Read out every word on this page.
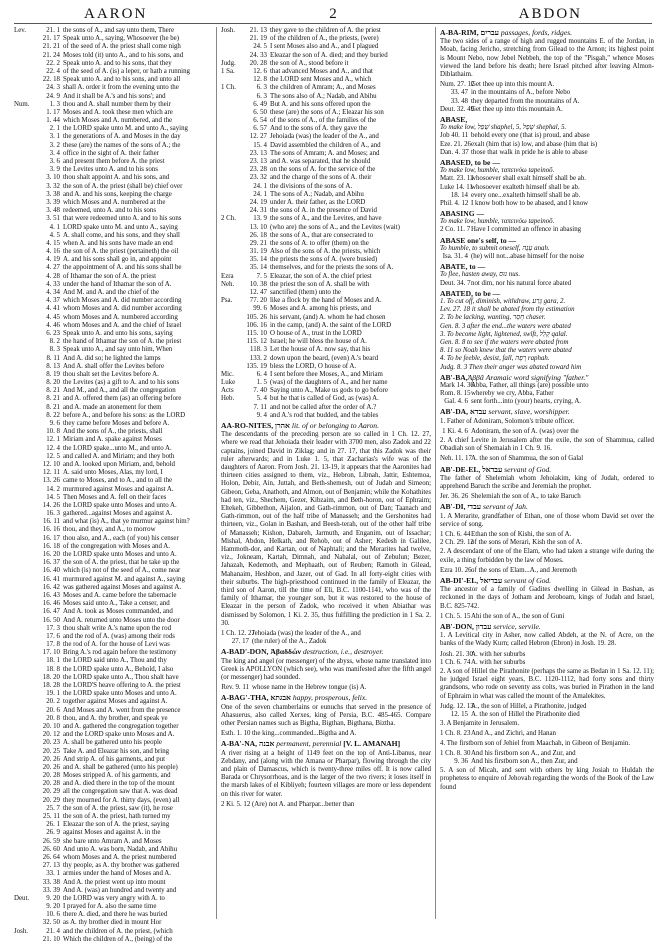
AARON	2	ABDON
Lev.	21. 1 the sons of A., and say unto them, There
21. 17 Speak unto A., saying, Whosoever (he be)
21. 21 of the seed of A. the priest shall come nigh
21. 24 Moses told (it) unto A., and to his sons, and
22. 2 Speak unto A. and to his sons, that they
22. 4 of the seed of A. (is) a leper, or hath a running
22. 18 Speak unto A. and to his sons, and unto all
24. 3 shall A. order it from the evening unto the
24. 9 And it shall be A.'s and his sons'; and
Num.	1. 3 thou and A. shall number them by their
1. 17 Moses and A. took these men which are
1. 44 which Moses and A. numbered, and the
2. 1 the LORD spake unto M. and unto A., saying
3. 1 the generations of A. and Moses in the day
3. 2 these (are) the names of the sons of A.; the
3. 4 office in the sight of A. their father
3. 6 and present them before A. the priest
3. 9 the Levites unto A. and to his sons
3. 10 thou shalt appoint A. and his sons, and
3. 32 the son of A. the priest (shall be) chief over
3. 38 and A. and his sons, keeping the charge
3. 39 which Moses and A. numbered at the
3. 48 redeemed, unto A. and to his sons
3. 51 that were redeemed unto A. and to his sons
4. 1 LORD spake unto M. and unto A., saying
4. 5 A. shall come, and his sons, and they shall
4. 15 when A. and his sons have made an end
4. 16 the son of A. the priest (pertaineth) the oil
4. 19 A. and his sons shall go in, and appoint
4. 27 the appointment of A. and his sons shall be
4. 28 of Ithamar the son of A. the priest
4. 33 under the hand of Ithamar the son of A.
4. 34 And M. and A. and the chief of the
4. 37 which Moses and A. did number according
4. 41 whom Moses and A. did number according
4. 45 whom Moses and A. numbered according
4. 46 whom Moses and A. and the chief of Israel
6. 23 Speak unto A. and unto his sons, saying
8. 2 the hand of Ithamar the son of A. the priest
8. 3 Speak unto A., and say unto him, When
8. 11 And A. did so; he lighted the lamps
8. 13 And A. shall offer the Levites before
8. 19 thou shalt set the Levites before A.
8. 20 the Levites (as) a gift to A. and to his sons
8. 21 And M., and A., and all the congregation
8. 21 and A. offered them (as) an offering before
8. 21 and A. made an atonement for them
8. 22 before A., and before his sons: as the LORD
9. 6 they came before Moses and before A.
10. 8 And the sons of A., the priests, shall
12. 1 Miriam and A. spake against Moses
12. 4 the LORD spake...unto M., and unto A.
12. 5 and called A. and Miriam; and they both
12. 10 and A. looked upon Miriam, and, behold
12. 11 A. said unto Moses, Alas, my lord, I
13. 26 came to Moses, and to A., and to all the
14. 2 murmured against Moses and against A.
14. 5 Then Moses and A. fell on their faces
14. 26 the LORD spake unto Moses and unto A.
16. 3 gathered...against Moses and against A.
16. 11 and what (is) A., that ye murmur against him?
16. 16 thou, and they, and A., to morrow
16. 17 thou also, and A., each (of you) his censer
16. 18 of the congregation with Moses and A.
16. 20 the LORD spake unto Moses and unto A.
16. 37 the son of A. the priest, that he take up the
16. 40 which (is) not of the seed of A., come near
16. 41 murmured against M. and against A., saying
16. 42 was gathered against Moses and against A.
16. 43 Moses and A. came before the tabernacle
16. 46 Moses said unto A., Take a censer, and
16. 47 And A. took as Moses commanded, and
16. 50 And A. returned unto Moses unto the door
17. 3 thou shalt write A.'s name upon the rod
17. 6 and the rod of A. (was) among their rods
17. 8 the rod of A. for the house of Levi was
17. 10 Bring A.'s rod again before the testimony
18. 1 the LORD said unto A., Thou and thy
18. 8 the LORD spake unto A., Behold, I also
18. 20 the LORD spake unto A., Thou shalt have
18. 28 the LORD'S heave offering to A. the priest
19. 1 the LORD spake unto Moses and unto A.
20. 2 together against Moses and against A.
20. 6 And Moses and A. went from the presence
20. 8 thou, and A. thy brother, and speak ye
20. 10 and A. gathered the congregation together
20. 12 and the LORD spake unto Moses and A.
20. 23 A. shall be gathered unto his people
20. 25 Take A. and Eleazar his son, and bring
20. 26 And strip A. of his garments, and put
20. 26 and A. shall be gathered (unto his people)
20. 28 Moses stripped A. of his garments, and
20. 28 and A. died there in the top of the mount
20. 29 all the congregation saw that A. was dead
20. 29 they mourned for A. thirty days, (even) all
25. 7 the son of A. the priest, saw (it), he rose
25. 11 the son of A. the priest, hath turned my
26. 1 Eleazar the son of A. the priest, saying
26. 9 against Moses and against A. in the
26. 59 she bare unto Amram A. and Moses
26. 60 And unto A. was born, Nadab, and Abihu
26. 64 whom Moses and A. the priest numbered
27. 13 thy people, as A. thy brother was gathered
33. 1 armies under the hand of Moses and A.
33. 38 And A. the priest went up into mount
33. 39 And A. (was) an hundred and twenty and
Deut. 9. 20 the LORD was very angry with A. to
9. 20 I prayed for A. also the same time
10. 6 there A. died, and there he was buried
32. 50 as A. thy brother died in mount Hor
Josh.	21. 4 and the children of A. the priest, (which
21. 10 Which the children of A., (being) of the
Josh. 21. 13 they gave to the children of A. the priest
21. 19 of the children of A., the priests, (were)
24. 5 I sent Moses also and A., and I plagued
24. 33 Eleazar the son of A. died; and they buried
Judg. 20. 28 the son of A., stood before it
1 Sa.	12. 6 that advanced Moses and A., and that
12. 8 the LORD sent Moses and A., which
1 Ch.	6. 3 the children of Amram; A., and Moses
6. 3 The sons also of A.; Nadab, and Abihu
6. 49 But A. and his sons offered upon the
6. 50 these (are) the sons of A.; Eleazar his son
6. 54 of the sons of A., of the families of the
6. 57 And to the sons of A. they gave the
12. 27 Jehoiada (was) the leader of the A., and
15. 4 David assembled the children of A., and
23. 13 The sons of Amram; A. and Moses; and
23. 13 and A. was separated, that he should
23. 28 on the sons of A. for the service of the
23. 32 and the charge of the sons of A. their
24. 1 the divisions of the sons of A.
24. 1 The sons of A.; Nadab, and Abihu
24. 19 under A. their father, as the LORD
24. 31 the sons of A. in the presence of David
2 Ch.	13. 9 the sons of A., and the Levites, and have
13. 10 (who are) the sons of A., and the Levites (wait)
26. 18 the sons of A., that are consecrated to
29. 21 the sons of A. to offer (them) on the
31. 19 Also of the sons of A. the priests, which
35. 14 the priests the sons of A. (were busied)
35. 14 themselves, and for the priests the sons of A.
Ezra	7. 5 Eleazar, the son of A. the chief priest
Neh. 10. 38 the priest the son of A. shall be with
12. 47 sanctified (them) unto the
Psa.	77. 20 like a flock by the hand of Moses and A.
99. 6 Moses and A. among his priests, and
105. 26 his servant, (and) A. whom he had chosen
106. 16 in the camp, (and) A. the saint of the LORD
115. 10 O house of A., trust in the LORD
115. 12 Israel; he will bless the house of A.
118. 3 Let the house of A. now say, that his
133. 2 down upon the beard, (even) A.'s beard
135. 19 bless the LORD, O house of A.
Mic.	6. 4 I sent before thee Moses, A., and Miriam
Luke	1. 5 (was) of the daughters of A., and her name
Acts	7. 40 Saying unto A., Make us gods to go before
Heb.	5. 4 but he that is called of God, as (was) A.
7. 11 and not be called after the order of A.?
9. 4 and A.'s rod that budded, and the tables
AA-RO-NITES, אהרן lit. of or belonging to Aaron.
The descendants of the preceding person are so called in 1 Ch. 12. 27, where we read that Jehoiada their leader with 3700 men, also Zadok and 22 captains, joined David in Ziklag; and in 27. 17, that this Zadok was their ruler afterwards; and in Luke 1. 5, that Zacharias's wife was of the daughters of Aaron. From Josh. 21. 13-19, it appears that the Aaronites had thirteen cities assigned to them, viz., Hebron, Libnah, Jattir, Eshtemoa, Holon, Debir, Ain, Juttah, and Beth-shemesh, out of Judah and Simeon; Gibeon, Geba, Anathoth, and Almon, out of Benjamin; while the Kohathites had ten, viz., Shechem, Gezer, Kibzaim, and Beth-horon, out of Ephraim; Eltekeh, Gibbethon, Aijalon, and Gath-rimmon, out of Dan; Taanach and Gath-rimmon, out of the half tribe of Manasseh; and the Gershonites had thirteen, viz., Golan in Bashan, and Beesh-terah, out of the other half tribe of Manasseh; Kishon, Dabareh, Jarmuth, and Enganim, out of Issachar; Mishal, Abdon, Helkath, and Rehob, out of Asher; Kedesh in Galilee, Hammoth-dor, and Kartan, out of Naphtali; and the Merarites had twelve, viz., Jokneam, Kartah, Dimnah, and Nahalal, out of Zebulun; Bezer, Jahazah, Kedemoth, and Mephaath, out of Reuben; Ramoth in Gilead, Mahanaim, Heshbon, and Jazer, out of Gad. In all forty-eight cities with their suburbs. The high-priesthood continued in the family of Eleazar, the third son of Aaron, till the time of Eli, B.C. 1100-1141, who was of the family of Ithamar, the younger son, but it was restored to the house of Eleazar in the person of Zadok, who received it when Abiathar was dismissed by Solomon, 1 Ki. 2. 35, thus fulfilling the prediction in 1 Sa. 2. 30.
1 Ch. 12. 27Jehoiada (was) the leader of the A., and
27. 17 (the ruler) of the A., Zadok
A-BAD'-DON, Ἀβαδδών destruction, i.e., destroyer.
The king and angel (or messenger) of the abyss, whose name translated into Greek is APOLLYON (which see), who was manifested after the fifth angel (or messenger) had sounded.
Rev. 9. 11 whose name in the Hebrew tongue (is) A.
A-BAG'-THA, אבגתא happy, prosperous, felix.
One of the seven chamberlains or eunuchs that served in the presence of Ahasuerus, also called Xerxes, king of Persia, B.C. 485-465. Compare other Persian names such as Bigtha, Bigthan, Bigthana, Biztha.
Esth. 1. 10 the king...commanded...Bigtha and A.
A-BA'-NA, אבנה permanent, perennial [V. L. AMANAH]
A river rising at a height of 1149 feet on the top of Anti-Libanus, near Zebdany, and (along with the Amana or Pharpar), flowing through the city and plain of Damascus, which is twenty-three miles off. It is now called Barada or Chrysorrhoas, and is the larger of the two rivers; it loses itself in the marsh lakes of el Kibliyeh; fourteen villages are more or less dependent on this river for water.
2 Ki. 5. 12 (Are) not A. and Pharpar...better than
A-BA-RIM, עברים passages, fords, ridges.
The two sides of a range of high and rugged mountains E. of the Jordan, in Moab, facing Jericho, stretching from Gilead to the Arnon; its highest point is Mount Nebo, now Jebel Nebbeh, the top of the "Pisgah," whence Moses viewed the land before his death; here Israel pitched after leaving Almon-Diblathaim.
Num. 27. 12Get thee up into this mount A.
33. 47 in the mountains of A., before Nebo
33. 48 they departed from the mountains of A.
Deut. 32. 49Get thee up into this mountain A.
ABASE,
To make low, שָׁפֵל shaphel, 5, שָׁפָל shephal, 5.
Job 40. 11 behold every one (that is) proud, and abase
Eze. 21. 26exalt (him that is) low, and abase (him that is)
Dan. 4. 37 those that walk in pride he is able to abase
ABASED, to be —
To make low, humble, ταπεινόω tapeinoō.
Matt. 23. 12whosoever shall exalt himself shall be ab.
Luke 14. 11whosoever exalteth himself shall be ab.
18. 14 every one...exalteth himself shall be ab.
Phil. 4. 12 I know both how to be abased, and I know
ABASING —
To make low, humble, ταπεινόω tapeinoō.
2 Co. 11. 7Have I committed an offence in abasing
ABASE one's self, to —
To humble, to submit oneself, עָנָה anah.
Isa. 31. 4 (he) will not...abase himself for the noise
ABATE, to —
To flee, hasten away, נוּס nus.
Deut. 34. 7not dim, nor his natural force abated
ABATED, to be —
1. To cut off, diminish, withdraw, גָּרַע gara, 2.
Lev. 27. 18 it shall be abated from thy estimation
2. To be lacking, wanting, חָסֵר chaser.
Gen. 8. 3 after the end...the waters were abated
3. To become light, lightened, swift, קָלַל qalal.
Gen. 8. 8 to see if the waters were abated from
8. 11 so Noah knew that the waters were abated
4. To be feeble, desist, fall, רָפָה raphah.
Judg. 8. 3 Then their anger was abated toward him
AB'-BA,Ἀββᾶ Aramaic word signifying "father."
Mark 14. 36Abba, Father, all things (are) possible unto
Rom. 8. 15whereby we cry, Abba, Father
Gal. 4. 6 sent forth...into (your) hearts, crying, A.
AB'-DA, עבדא servant, slave, worshipper.
1. Father of Adoniram, Solomon's tribute officer.
1 Ki. 4. 6 Adoniram, the son of A. (was) over the
2. A chief Levite in Jerusalem after the exile, the son of Shammua, called Obadiah son of Shemaiah in 1 Ch. 9. 16.
Neh. 11. 17A. the son of Shammua, the son of Galal
AB'-DE-EL, עבדאל servant of God.
The father of Shelemiah whom Jehoiakim, king of Judah, ordered to apprehend Baruch the scribe and Jeremiah the prophet.
Jer. 36. 26 Shelemiah the son of A., to take Baruch
AB'-DI, עבדי servant of Jah.
1. A Merarite, grandfather of Ethan, one of those whom David set over the service of song.
1 Ch. 6. 44Ethan the son of Kishi, the son of A.
2 Ch. 29. 12of the sons of Merari, Kish the son of A.
2. A descendant of one of the Elam, who had taken a strange wife during the exile, a thing forbidden by the law of Moses.
Ezra 10. 26of the sons of Elam...A., and Jeremoth
AB-DI'-EL, עבדיאל servant of God.
The ancestor of a family of Gadites dwelling in Gilead in Bashan, as reckoned in the days of Jotham and Jeroboam, kings of Judah and Israel, B.C. 825-742.
1 Ch. 5. 15Ahi the son of A., the son of Guni
AB'-DON, עבדון service, servile.
1. A Levitical city in Asher, now called Abdeh, at the N. of Acre, on the banks of the Wady Kurn; called Hebron (Ebron) in Josh. 19. 28.
Josh. 21. 30A. with her suburbs
1 Ch. 6. 74A. with her suburbs
2. A son of Hillel the Pirathonite (perhaps the same as Bedan in 1 Sa. 12. 11); he judged Israel eight years, B.C. 1120-1112, had forty sons and thirty grandsons, who rode on seventy ass colts, was buried in Pirathon in the land of Ephraim in what was called the mount of the Amalekites.
Judg. 12. 13A., the son of Hillel, a Pirathonite, judged
12. 15 A. the son of Hillel the Pirathonite died
3. A Benjamite in Jerusalem.
1 Ch. 8. 23And A., and Zichri, and Hanan
4. The firstborn son of Jehiel from Maachah, in Gibeon of Benjamin.
1 Ch. 8. 30And his firstborn son A., and Zur, and
9. 36 And his firstborn son A., then Zur, and
5. A son of Micah, and sent with others by king Josiah to Huldah the prophetess to enquire of Jehovah regarding the words of the Book of the Law found
